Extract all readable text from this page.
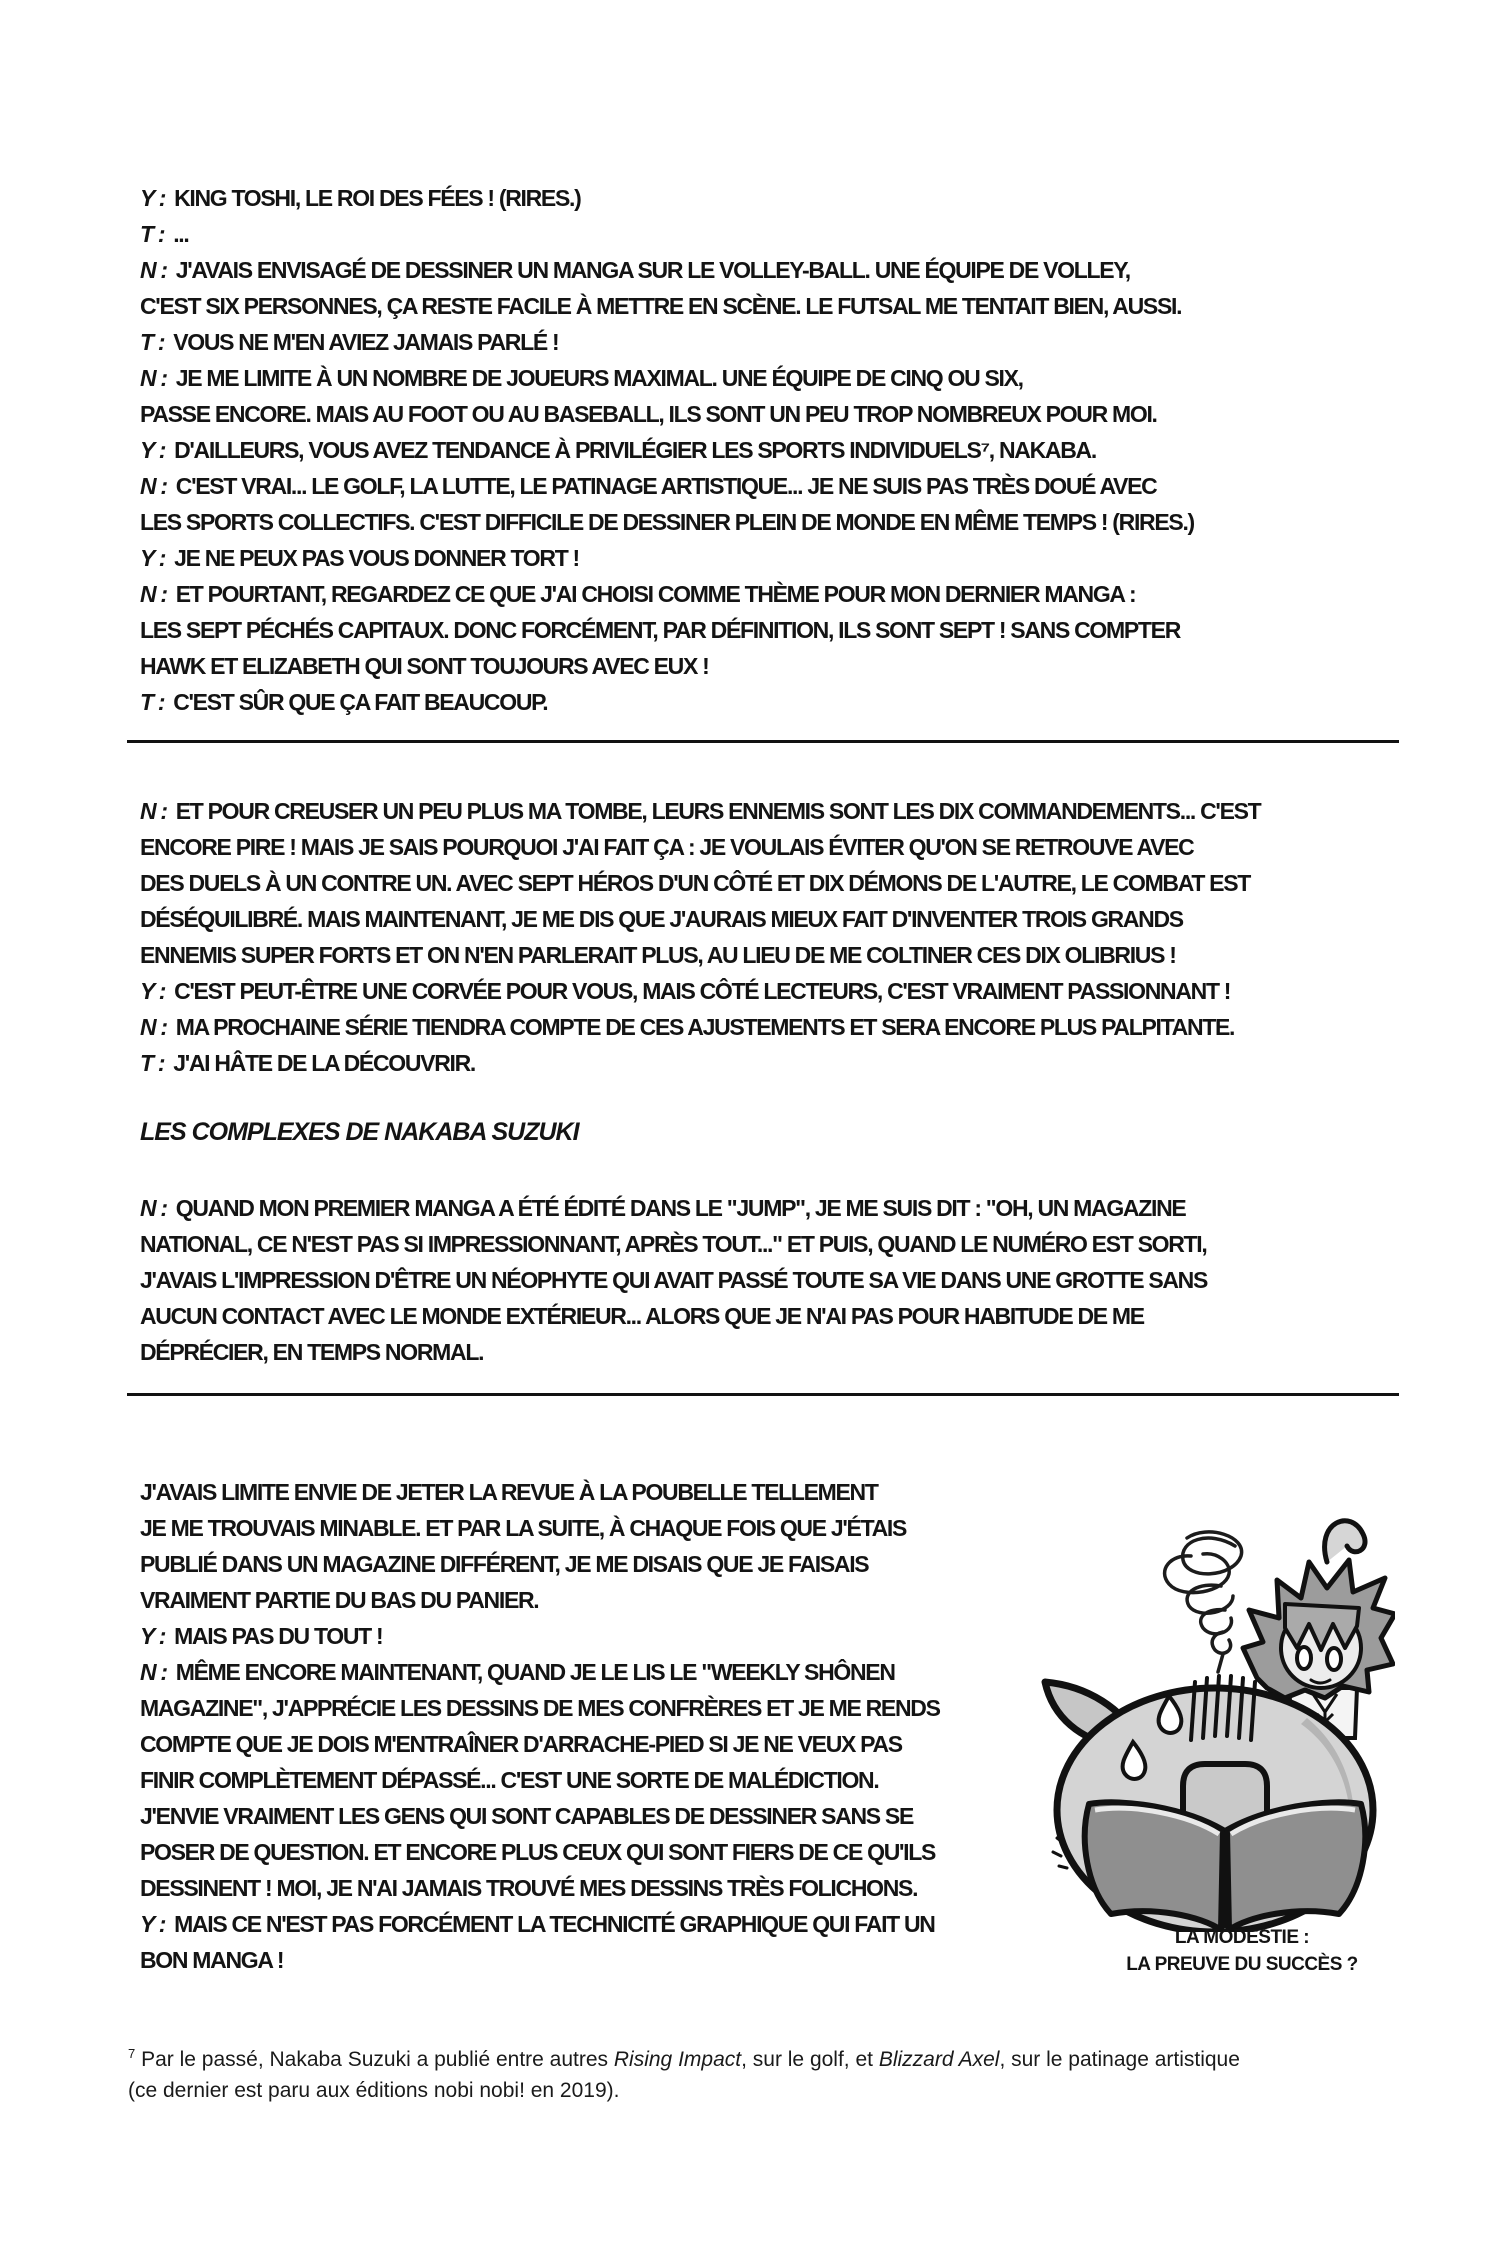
Y : KING TOSHI, LE ROI DES FÉES ! (RIRES.)
T : ...
N : J'AVAIS ENVISAGÉ DE DESSINER UN MANGA SUR LE VOLLEY-BALL. UNE ÉQUIPE DE VOLLEY,
C'EST SIX PERSONNES, ÇA RESTE FACILE À METTRE EN SCÈNE. LE FUTSAL ME TENTAIT BIEN, AUSSI.
T : VOUS NE M'EN AVIEZ JAMAIS PARLÉ !
N : JE ME LIMITE À UN NOMBRE DE JOUEURS MAXIMAL. UNE ÉQUIPE DE CINQ OU SIX,
PASSE ENCORE. MAIS AU FOOT OU AU BASEBALL, ILS SONT UN PEU TROP NOMBREUX POUR MOI.
Y : D'AILLEURS, VOUS AVEZ TENDANCE À PRIVILÉGIER LES SPORTS INDIVIDUELS⁷, NAKABA.
N : C'EST VRAI... LE GOLF, LA LUTTE, LE PATINAGE ARTISTIQUE... JE NE SUIS PAS TRÈS DOUÉ AVEC
LES SPORTS COLLECTIFS. C'EST DIFFICILE DE DESSINER PLEIN DE MONDE EN MÊME TEMPS ! (RIRES.)
Y : JE NE PEUX PAS VOUS DONNER TORT !
N : ET POURTANT, REGARDEZ CE QUE J'AI CHOISI COMME THÈME POUR MON DERNIER MANGA :
LES SEPT PÉCHÉS CAPITAUX. DONC FORCÉMENT, PAR DÉFINITION, ILS SONT SEPT ! SANS COMPTER
HAWK ET ELIZABETH QUI SONT TOUJOURS AVEC EUX !
T : C'EST SÛR QUE ÇA FAIT BEAUCOUP.
N : ET POUR CREUSER UN PEU PLUS MA TOMBE, LEURS ENNEMIS SONT LES DIX COMMANDEMENTS... C'EST
ENCORE PIRE ! MAIS JE SAIS POURQUOI J'AI FAIT ÇA : JE VOULAIS ÉVITER QU'ON SE RETROUVE AVEC
DES DUELS À UN CONTRE UN. AVEC SEPT HÉROS D'UN CÔTÉ ET DIX DÉMONS DE L'AUTRE, LE COMBAT EST
DÉSÉQUILIBRÉ. MAIS MAINTENANT, JE ME DIS QUE J'AURAIS MIEUX FAIT D'INVENTER TROIS GRANDS
ENNEMIS SUPER FORTS ET ON N'EN PARLERAIT PLUS, AU LIEU DE ME COLTINER CES DIX OLIBRIUS !
Y : C'EST PEUT-ÊTRE UNE CORVÉE POUR VOUS, MAIS CÔTÉ LECTEURS, C'EST VRAIMENT PASSIONNANT !
N : MA PROCHAINE SÉRIE TIENDRA COMPTE DE CES AJUSTEMENTS ET SERA ENCORE PLUS PALPITANTE.
T : J'AI HÂTE DE LA DÉCOUVRIR.
LES COMPLEXES DE NAKABA SUZUKI
N : QUAND MON PREMIER MANGA A ÉTÉ ÉDITÉ DANS LE "JUMP", JE ME SUIS DIT : "OH, UN MAGAZINE
NATIONAL, CE N'EST PAS SI IMPRESSIONNANT, APRÈS TOUT..." ET PUIS, QUAND LE NUMÉRO EST SORTI,
J'AVAIS L'IMPRESSION D'ÊTRE UN NÉOPHYTE QUI AVAIT PASSÉ TOUTE SA VIE DANS UNE GROTTE SANS
AUCUN CONTACT AVEC LE MONDE EXTÉRIEUR... ALORS QUE JE N'AI PAS POUR HABITUDE DE ME
DÉPRÉCIER, EN TEMPS NORMAL.
J'AVAIS LIMITE ENVIE DE JETER LA REVUE À LA POUBELLE TELLEMENT
JE ME TROUVAIS MINABLE. ET PAR LA SUITE, À CHAQUE FOIS QUE J'ÉTAIS
PUBLIÉ DANS UN MAGAZINE DIFFÉRENT, JE ME DISAIS QUE JE FAISAIS
VRAIMENT PARTIE DU BAS DU PANIER.
Y : MAIS PAS DU TOUT !
N : MÊME ENCORE MAINTENANT, QUAND JE LE LIS LE "WEEKLY SHÔNEN
MAGAZINE", J'APPRÉCIE LES DESSINS DE MES CONFRÈRES ET JE ME RENDS
COMPTE QUE JE DOIS M'ENTRAÎNER D'ARRACHE-PIED SI JE NE VEUX PAS
FINIR COMPLÈTEMENT DÉPASSÉ... C'EST UNE SORTE DE MALÉDICTION.
J'ENVIE VRAIMENT LES GENS QUI SONT CAPABLES DE DESSINER SANS SE
POSER DE QUESTION. ET ENCORE PLUS CEUX QUI SONT FIERS DE CE QU'ILS
DESSINENT ! MOI, JE N'AI JAMAIS TROUVÉ MES DESSINS TRÈS FOLICHONS.
Y : MAIS CE N'EST PAS FORCÉMENT LA TECHNICITÉ GRAPHIQUE QUI FAIT UN
BON MANGA !
LA MODESTIE :
LA PREUVE DU SUCCÈS ?
$^7$ Par le passé, Nakaba Suzuki a publié entre autres Rising Impact, sur le golf, et Blizzard Axel, sur le patinage artistique
(ce dernier est paru aux éditions nobi nobi! en 2019).
